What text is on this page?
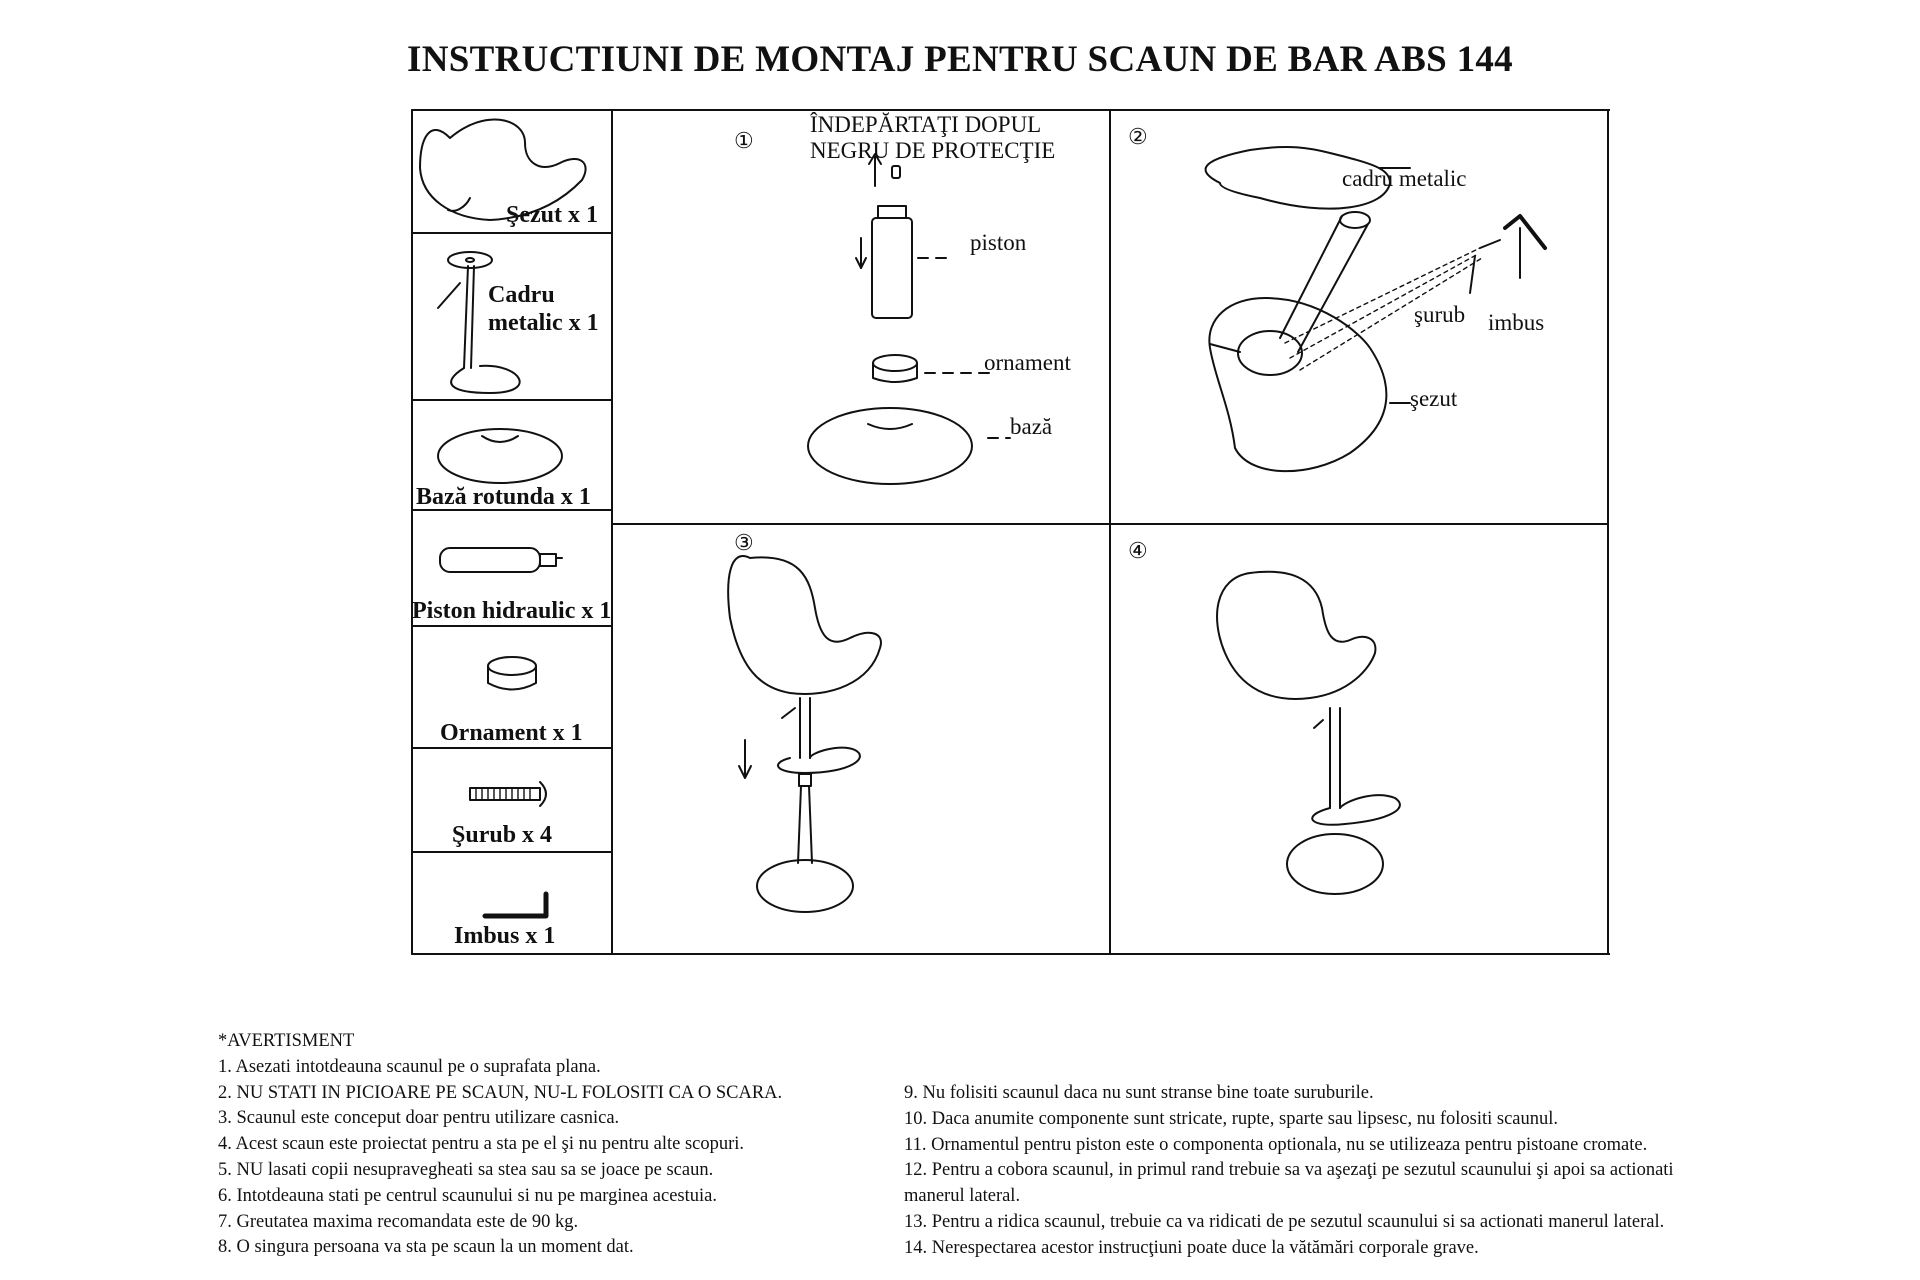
INSTRUCTIUNI DE MONTAJ PENTRU SCAUN DE BAR ABS 144
Şezut x 1
Cadru
metalic x 1
Bază rotunda x 1
Piston hidraulic x 1
Ornament x 1
Şurub x 4
Imbus x 1
①
ÎNDEPĂRTAŢI DOPUL
NEGRU DE PROTECŢIE
piston
ornament
bază
②
cadru metalic
şurub imbus
şezut
③	④
*AVERTISMENT
1. Asezati intotdeauna scaunul pe o suprafata plana.
2. NU STATI IN PICIOARE PE SCAUN, NU-L FOLOSITI CA O SCARA.
3. Scaunul este conceput doar pentru utilizare casnica.
4. Acest scaun este proiectat pentru a sta pe el şi nu pentru alte scopuri.
5. NU lasati copii nesupravegheati sa stea sau sa se joace pe scaun.
6. Intotdeauna stati pe centrul scaunului si nu pe marginea acestuia.
7. Greutatea maxima recomandata este de 90 kg.
8. O singura persoana va sta pe scaun la un moment dat.
9. Nu folisiti scaunul daca nu sunt stranse bine toate suruburile.
10. Daca anumite componente sunt stricate, rupte, sparte sau lipsesc, nu folositi scaunul.
11. Ornamentul pentru piston este o componenta optionala, nu se utilizeaza pentru pistoane cromate.
12. Pentru a cobora scaunul, in primul rand trebuie sa va aşezaţi pe sezutul scaunului şi apoi sa actionati
manerul lateral.
13. Pentru a ridica scaunul, trebuie ca va ridicati de pe sezutul scaunului si sa actionati manerul lateral.
14. Nerespectarea acestor instrucţiuni poate duce la vătămări corporale grave.
